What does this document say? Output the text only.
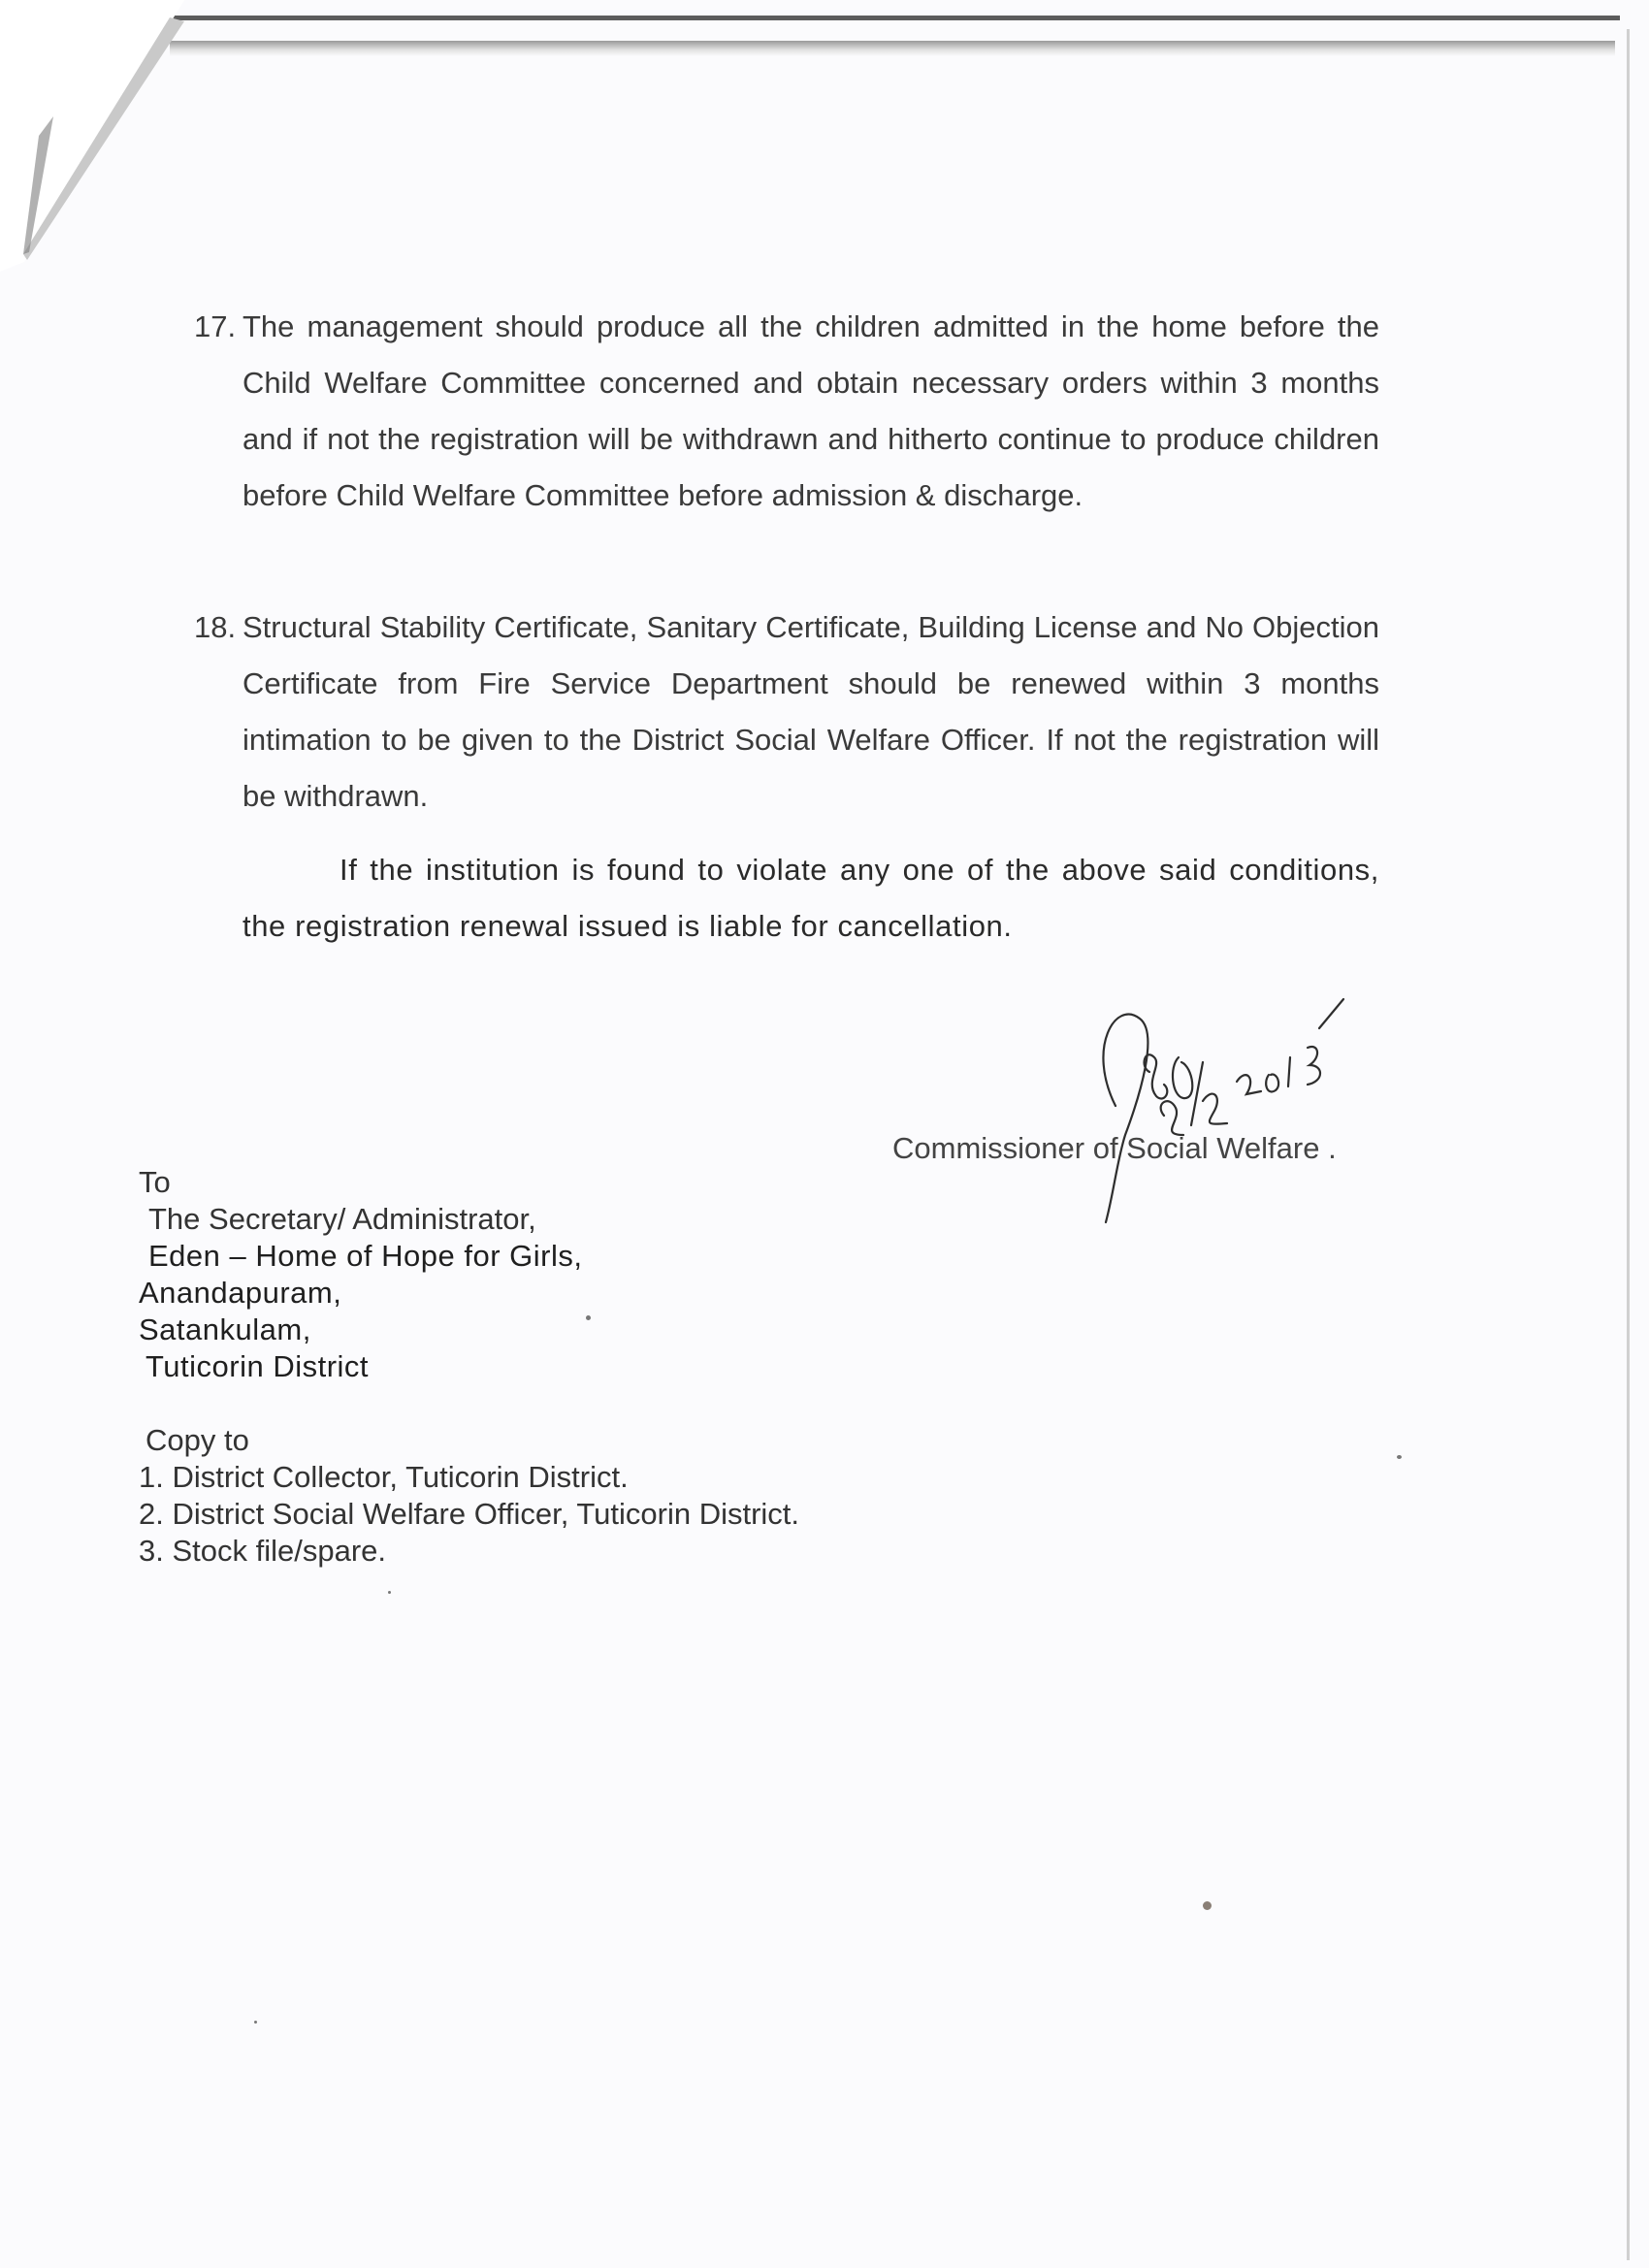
17. The management should produce all the children admitted in the home before the Child Welfare Committee concerned and obtain necessary orders within 3 months and if not the registration will be withdrawn and hitherto continue to produce children before Child Welfare Committee before admission & discharge.
18. Structural Stability Certificate, Sanitary Certificate, Building License and No Objection Certificate from Fire Service Department should be renewed within 3 months intimation to be given to the District Social Welfare Officer. If not the registration will be withdrawn.
If the institution is found to violate any one of the above said conditions, the registration renewal issued is liable for cancellation.
Commissioner of Social Welfare .
To
The Secretary/ Administrator,
Eden – Home of Hope for Girls,
Anandapuram,
Satankulam,
Tuticorin District
Copy to
1. District Collector, Tuticorin District.
2. District Social Welfare Officer, Tuticorin District.
3. Stock file/spare.
